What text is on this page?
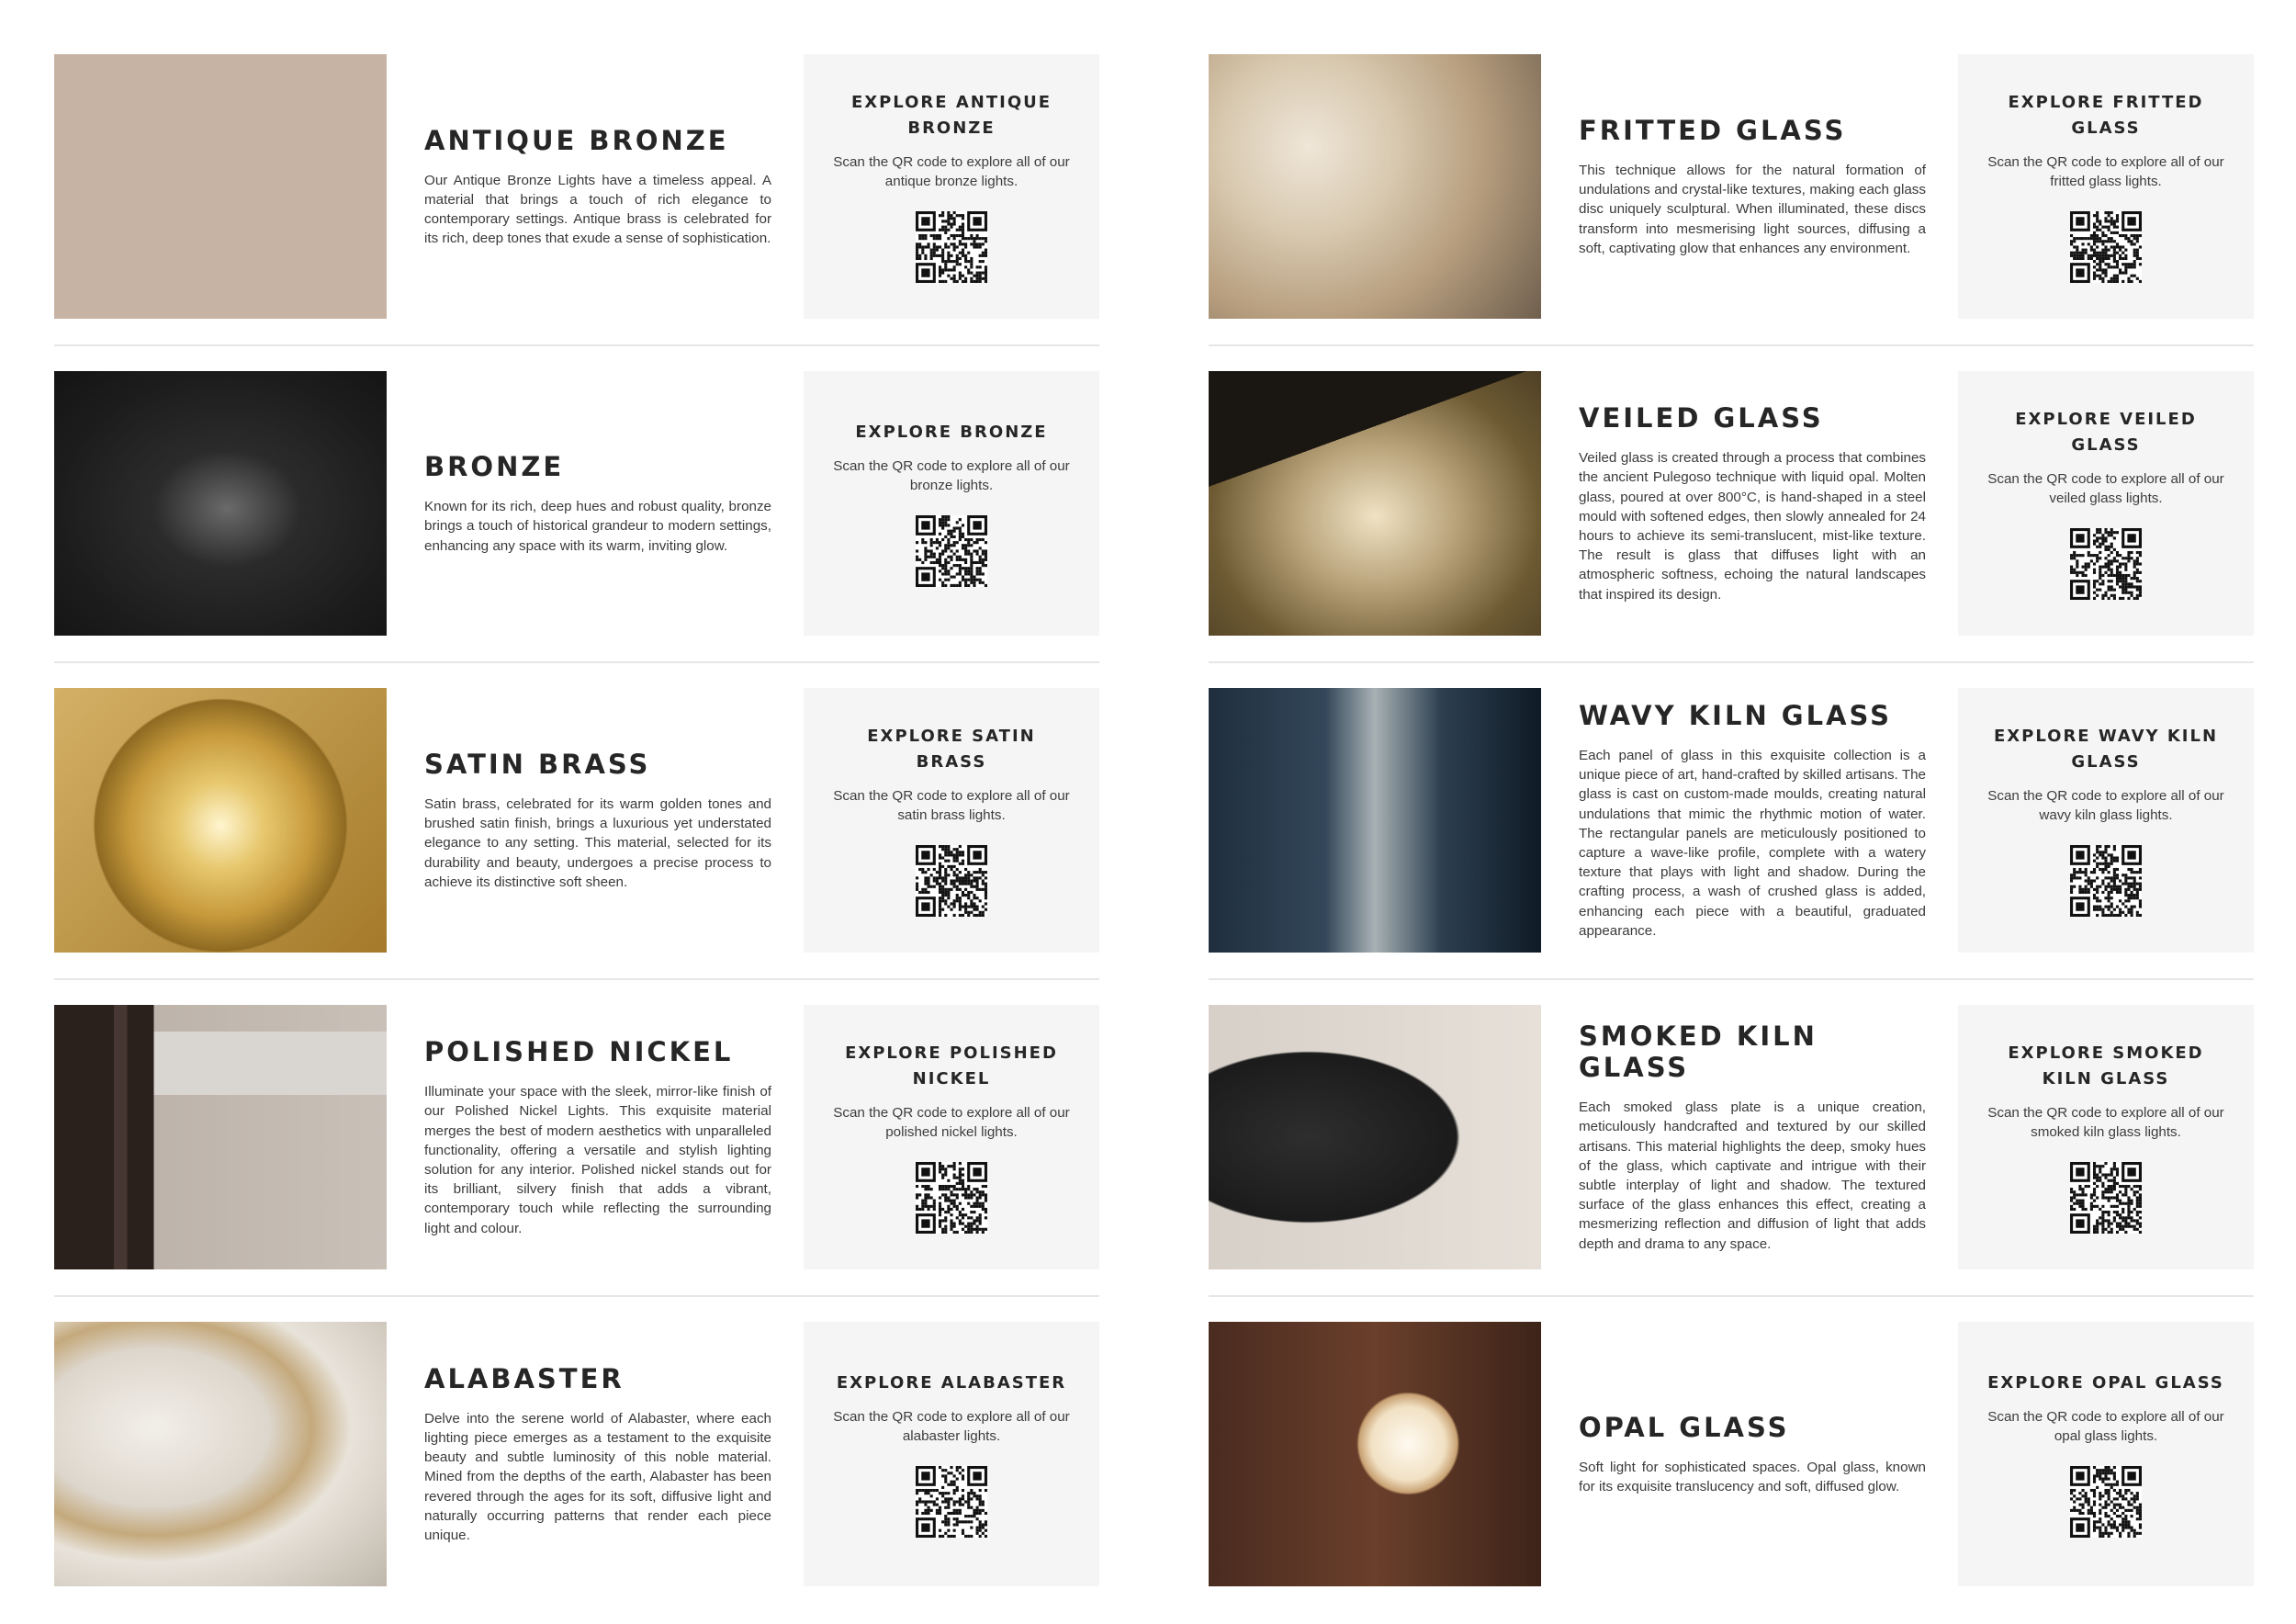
ANTIQUE BRONZE

Our Antique Bronze Lights have a timeless appeal. A material that brings a touch of rich elegance to contemporary settings. Antique brass is celebrated for its rich, deep tones that exude a sense of sophistication.

EXPLORE ANTIQUE BRONZE
Scan the QR code to explore all of our antique bronze lights.
BRONZE

Known for its rich, deep hues and robust quality, bronze brings a touch of historical grandeur to modern settings, enhancing any space with its warm, inviting glow.

EXPLORE BRONZE
Scan the QR code to explore all of our bronze lights.
SATIN BRASS

Satin brass, celebrated for its warm golden tones and brushed satin finish, brings a luxurious yet understated elegance to any setting. This material, selected for its durability and beauty, undergoes a precise process to achieve its distinctive soft sheen.

EXPLORE SATIN BRASS
Scan the QR code to explore all of our satin brass lights.
POLISHED NICKEL

Illuminate your space with the sleek, mirror-like finish of our Polished Nickel Lights. This exquisite material merges the best of modern aesthetics with unparalleled functionality, offering a versatile and stylish lighting solution for any interior. Polished nickel stands out for its brilliant, silvery finish that adds a vibrant, contemporary touch while reflecting the surrounding light and colour.

EXPLORE POLISHED NICKEL
Scan the QR code to explore all of our polished nickel lights.
ALABASTER

Delve into the serene world of Alabaster, where each lighting piece emerges as a testament to the exquisite beauty and subtle luminosity of this noble material. Mined from the depths of the earth, Alabaster has been revered through the ages for its soft, diffusive light and naturally occurring patterns that render each piece unique.

EXPLORE ALABASTER
Scan the QR code to explore all of our alabaster lights.
FRITTED GLASS

This technique allows for the natural formation of undulations and crystal-like textures, making each glass disc uniquely sculptural. When illuminated, these discs transform into mesmerising light sources, diffusing a soft, captivating glow that enhances any environment.

EXPLORE FRITTED GLASS
Scan the QR code to explore all of our fritted glass lights.
VEILED GLASS

Veiled glass is created through a process that combines the ancient Pulegoso technique with liquid opal. Molten glass, poured at over 800°C, is hand-shaped in a steel mould with softened edges, then slowly annealed for 24 hours to achieve its semi-translucent, mist-like texture. The result is glass that diffuses light with an atmospheric softness, echoing the natural landscapes that inspired its design.

EXPLORE VEILED GLASS
Scan the QR code to explore all of our veiled glass lights.
WAVY KILN GLASS

Each panel of glass in this exquisite collection is a unique piece of art, hand-crafted by skilled artisans. The glass is cast on custom-made moulds, creating natural undulations that mimic the rhythmic motion of water. The rectangular panels are meticulously positioned to capture a wave-like profile, complete with a watery texture that plays with light and shadow. During the crafting process, a wash of crushed glass is added, enhancing each piece with a beautiful, graduated appearance.

EXPLORE WAVY KILN GLASS
Scan the QR code to explore all of our wavy kiln glass lights.
SMOKED KILN GLASS

Each smoked glass plate is a unique creation, meticulously handcrafted and textured by our skilled artisans. This material highlights the deep, smoky hues of the glass, which captivate and intrigue with their subtle interplay of light and shadow. The textured surface of the glass enhances this effect, creating a mesmerizing reflection and diffusion of light that adds depth and drama to any space.

EXPLORE SMOKED KILN GLASS
Scan the QR code to explore all of our smoked kiln glass lights.
OPAL GLASS

Soft light for sophisticated spaces. Opal glass, known for its exquisite translucency and soft, diffused glow.

EXPLORE OPAL GLASS
Scan the QR code to explore all of our opal glass lights.
